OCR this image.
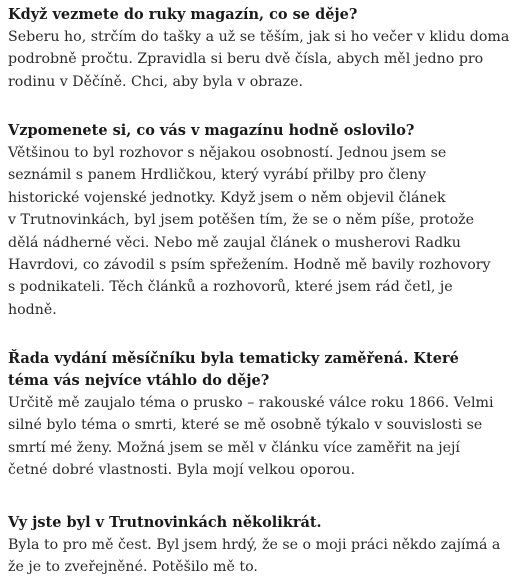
Když vezmete do ruky magazín, co se děje?

Seberu ho, strčím do tašky a už se těším, jak si ho večer v klidu doma
podrobně pročtu. Zpravidla si beru dvě čísla, abych měl jedno pro
rodinu v Děčíně. Chci, aby byla v obraze.

Vzpomenete si, co vás v magazínu hodně oslovilo?

Většinou to byl rozhovor s nějakou osobností. Jednou jsem se
seznámil s panem Hrdličkou, který vyrábí přilby pro členy
historické vojenské jednotky. Když jsem o něm objevil článek
v Trutnovinkách, byl jsem potěšen tím, že se o něm píše, protože
dělá nádherné věci. Nebo mě zaujal článek o musherovi Radku
Havrdovi, co závodil s psím spřežením. Hodně mě bavily rozhovory
s podnikateli. Těch článků a rozhovorů, které jsem rád četl, je
hodně.

Řada vydání měsíčníku byla tematicky zaměřená. Které
téma vás nejvíce vtáhlo do děje?

Určitě mě zaujalo téma o prusko – rakouské válce roku 1866. Velmi
silné bylo téma o smrti, které se mě osobně týkalo v souvislosti se
smrtí mé ženy. Možná jsem se měl v článku více zaměřit na její
četné dobré vlastnosti. Byla mojí velkou oporou.

Vy jste byl v Trutnovinkách několikrát.

Byla to pro mě čest. Byl jsem hrdý, že se o moji práci někdo zajímá a
že je to zveřejněné. Potěšilo mě to.
